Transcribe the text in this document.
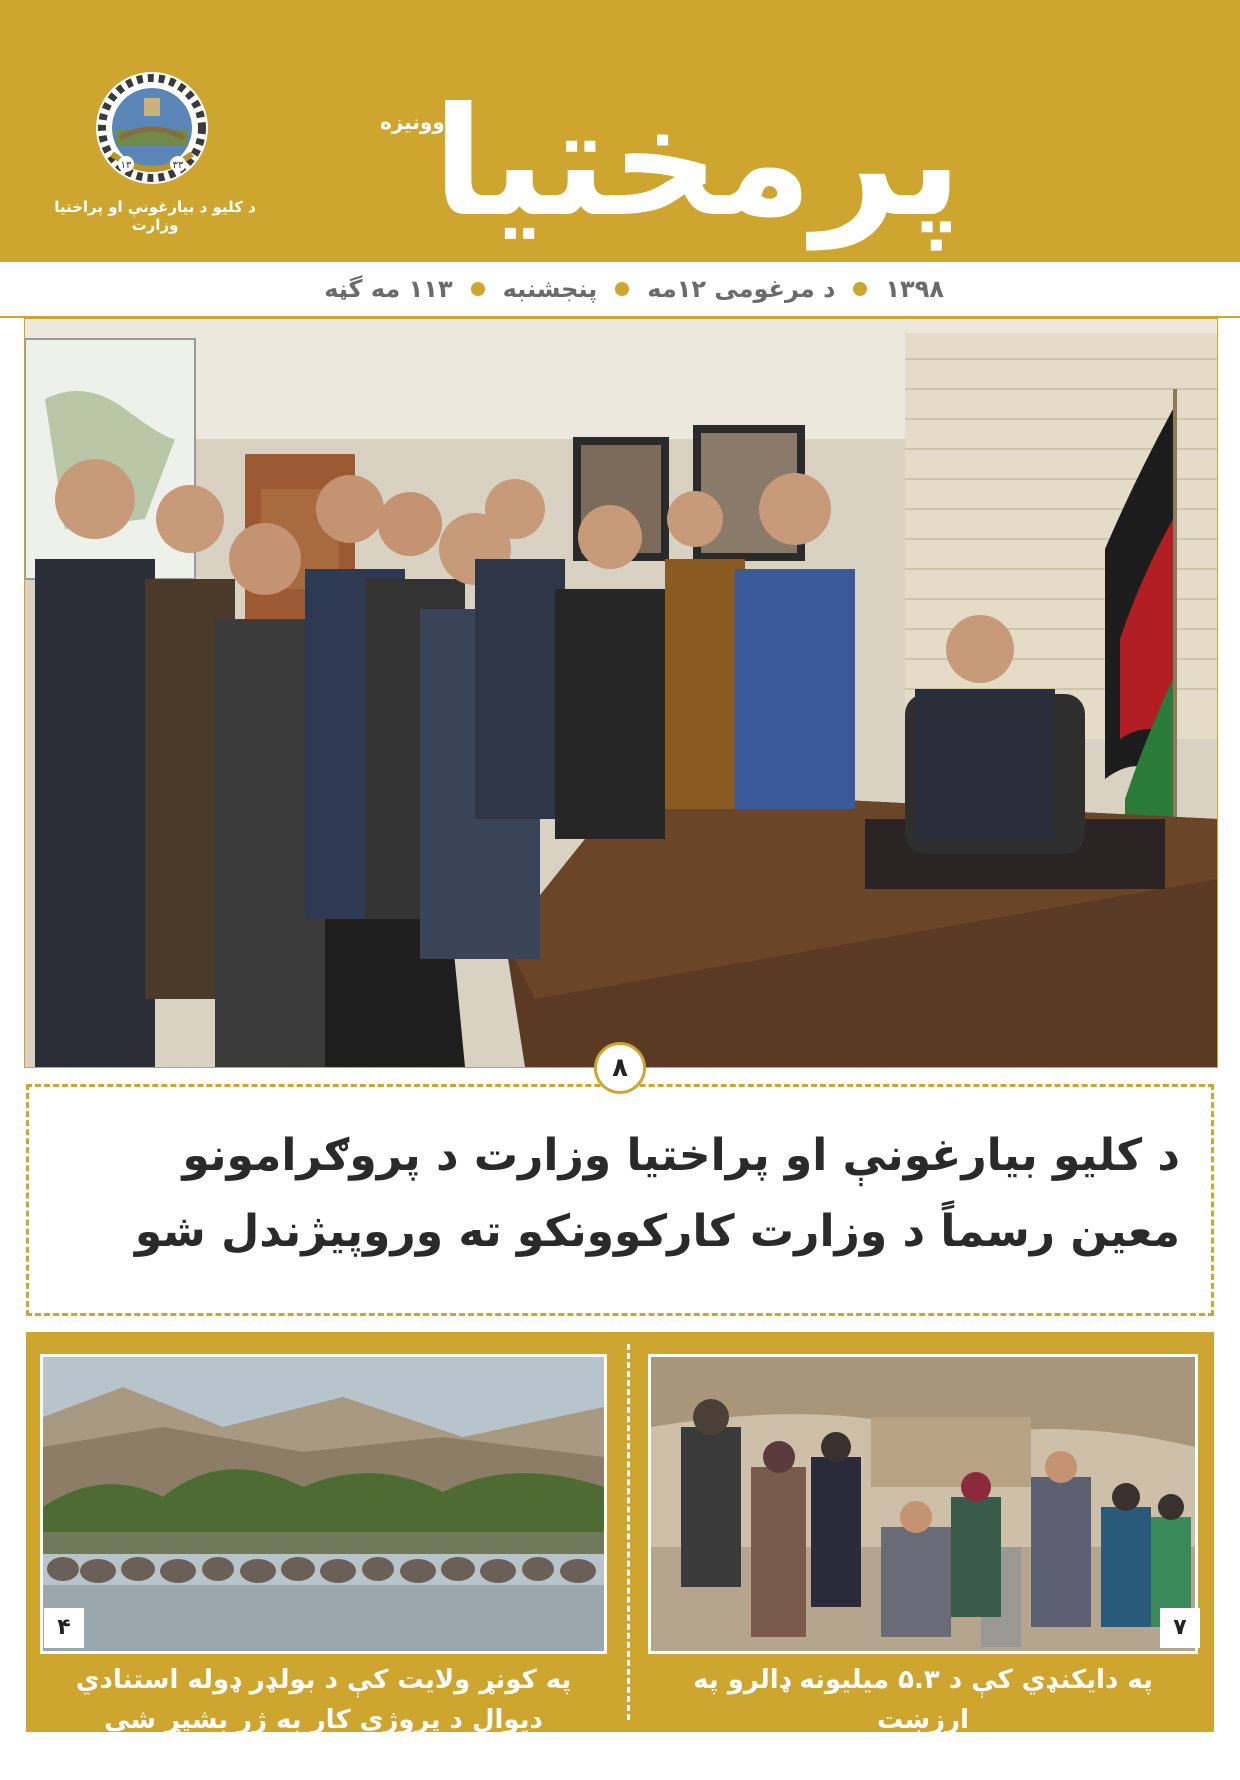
۱۳	۳۳
د کلیو د بیارغونې او پراختیا وزارت	پرمختیا
اوونیزه
۱۱۳ مه گڼه پنجشنبه د مرغومی ۱۲مه ۱۳۹۸
۸
د کلیو بیارغونې او پراختیا وزارت د پروګرامونو
معین رسماً د وزارت کارکوونکو ته وروپیژندل شو
۴	۷
په کونړ ولایت کې د بولډر ډوله استنادي
دیوال د پروژې کار به ژر بشپړ شي
په دایکنډي کې د ۵.۳ میلیونه ډالرو په ارزښت
د اوبو رسولو ٤ شبکې بشپړې شوې
